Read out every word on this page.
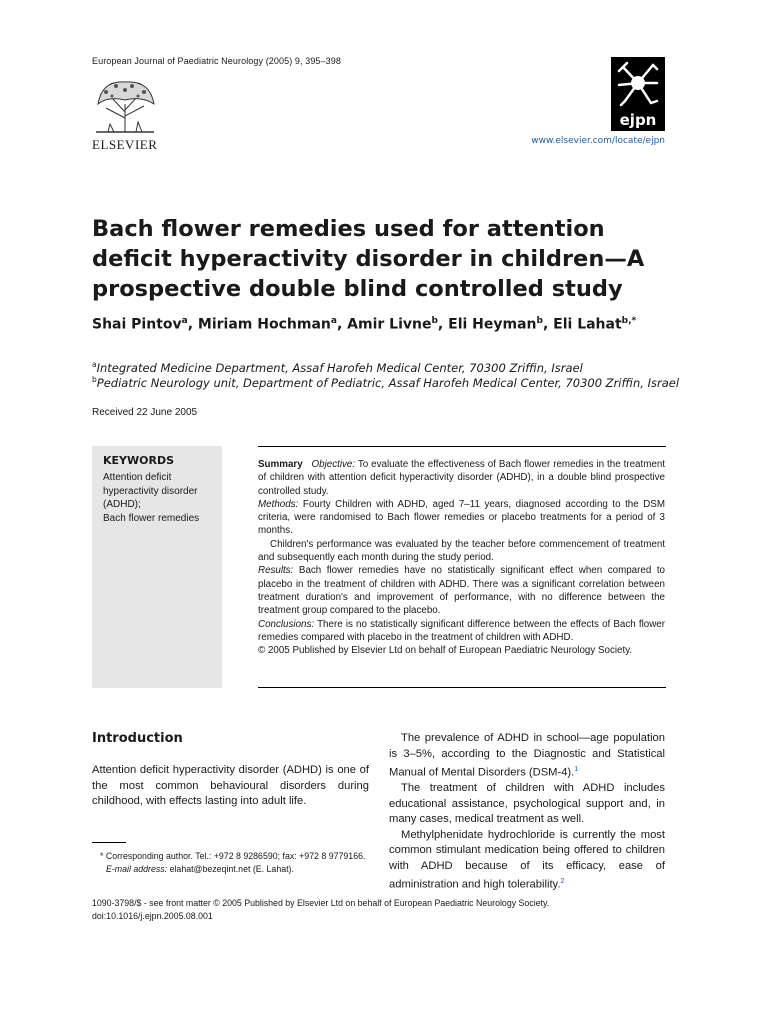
European Journal of Paediatric Neurology (2005) 9, 395–398
ELSEVIER
ejpn
www.elsevier.com/locate/ejpn
Bach flower remedies used for attention deficit hyperactivity disorder in children—A prospective double blind controlled study
Shai Pintov$^a$, Miriam Hochman$^a$, Amir Livne$^b$, Eli Heyman$^b$, Eli Lahat$^{b,*}$
$^a$Integrated Medicine Department, Assaf Harofeh Medical Center, 70300 Zriffin, Israel
$^b$Pediatric Neurology unit, Department of Pediatric, Assaf Harofeh Medical Center, 70300 Zriffin, Israel
Received 22 June 2005
KEYWORDS
Attention deficit
hyperactivity disorder
(ADHD);
Bach flower remedies

Summary Objective: To evaluate the effectiveness of Bach flower remedies in the treatment of children with attention deficit hyperactivity disorder (ADHD), in a double blind prospective controlled study.

Methods: Fourty Children with ADHD, aged 7–11 years, diagnosed according to the DSM criteria, were randomised to Bach flower remedies or placebo treatments for a period of 3 months.

Children's performance was evaluated by the teacher before commencement of treatment and subsequently each month during the study period.

Results: Bach flower remedies have no statistically significant effect when compared to placebo in the treatment of children with ADHD. There was a significant correlation between treatment duration's and improvement of performance, with no difference between the treatment group compared to the placebo.

Conclusions: There is no statistically significant difference between the effects of Bach flower remedies compared with placebo in the treatment of children with ADHD.

© 2005 Published by Elsevier Ltd on behalf of European Paediatric Neurology Society.

Introduction
Attention deficit hyperactivity disorder (ADHD) is one of the most common behavioural disorders during childhood, with effects lasting into adult life.

* Corresponding author. Tel.: +972 8 9286590; fax: +972 8 9779166.

E-mail address: elahat@bezeqint.net (E. Lahat).

The prevalence of ADHD in school—age population is 3–5%, according to the Diagnostic and Statistical Manual of Mental Disorders (DSM-4).$^1$

The treatment of children with ADHD includes educational assistance, psychological support and, in many cases, medical treatment as well.

Methylphenidate hydrochloride is currently the most common stimulant medication being offered to children with ADHD because of its efficacy, ease of administration and high tolerability.$^2$

1090-3798/$ - see front matter © 2005 Published by Elsevier Ltd on behalf of European Paediatric Neurology Society.

doi:10.1016/j.ejpn.2005.08.001
